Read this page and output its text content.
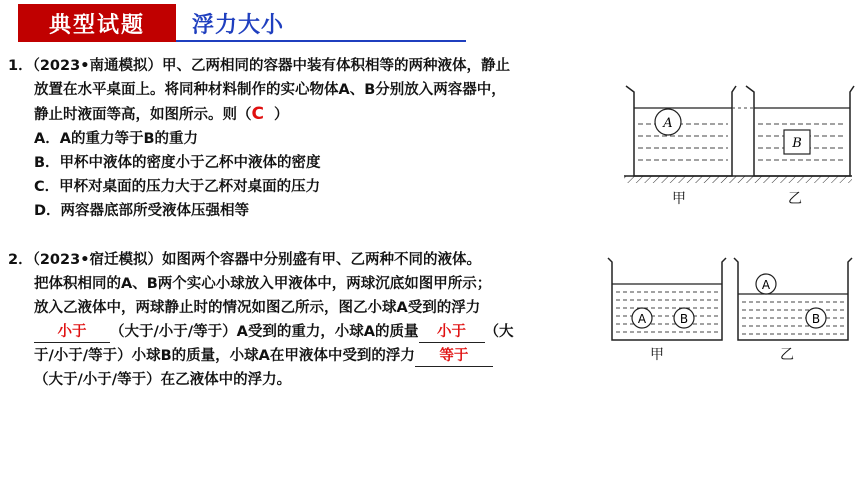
典型试题	浮力大小
1．（2023•南通模拟）甲、乙两相同的容器中装有体积相等的两种液体，静止
放置在水平桌面上。将同种材料制作的实心物体A、B分别放入两容器中，
静止时液面等高，如图所示。则（C ）
A．A的重力等于B的重力
B．甲杯中液体的密度小于乙杯中液体的密度
C．甲杯对桌面的压力大于乙杯对桌面的压力
D．两容器底部所受液体压强相等
A
B
甲	乙
2．（2023•宿迁模拟）如图两个容器中分别盛有甲、乙两种不同的液体。
把体积相同的A、B两个实心小球放入甲液体中，两球沉底如图甲所示；
放入乙液体中，两球静止时的情况如图乙所示，图乙小球A受到的浮力
小于 （大于/小于/等于）A受到的重力，小球A的质量 小于 （大
于/小于/等于）小球B的质量，小球A在甲液体中受到的浮力 等于
（大于/小于/等于）在乙液体中的浮力。
A	B
A
B
甲	乙
